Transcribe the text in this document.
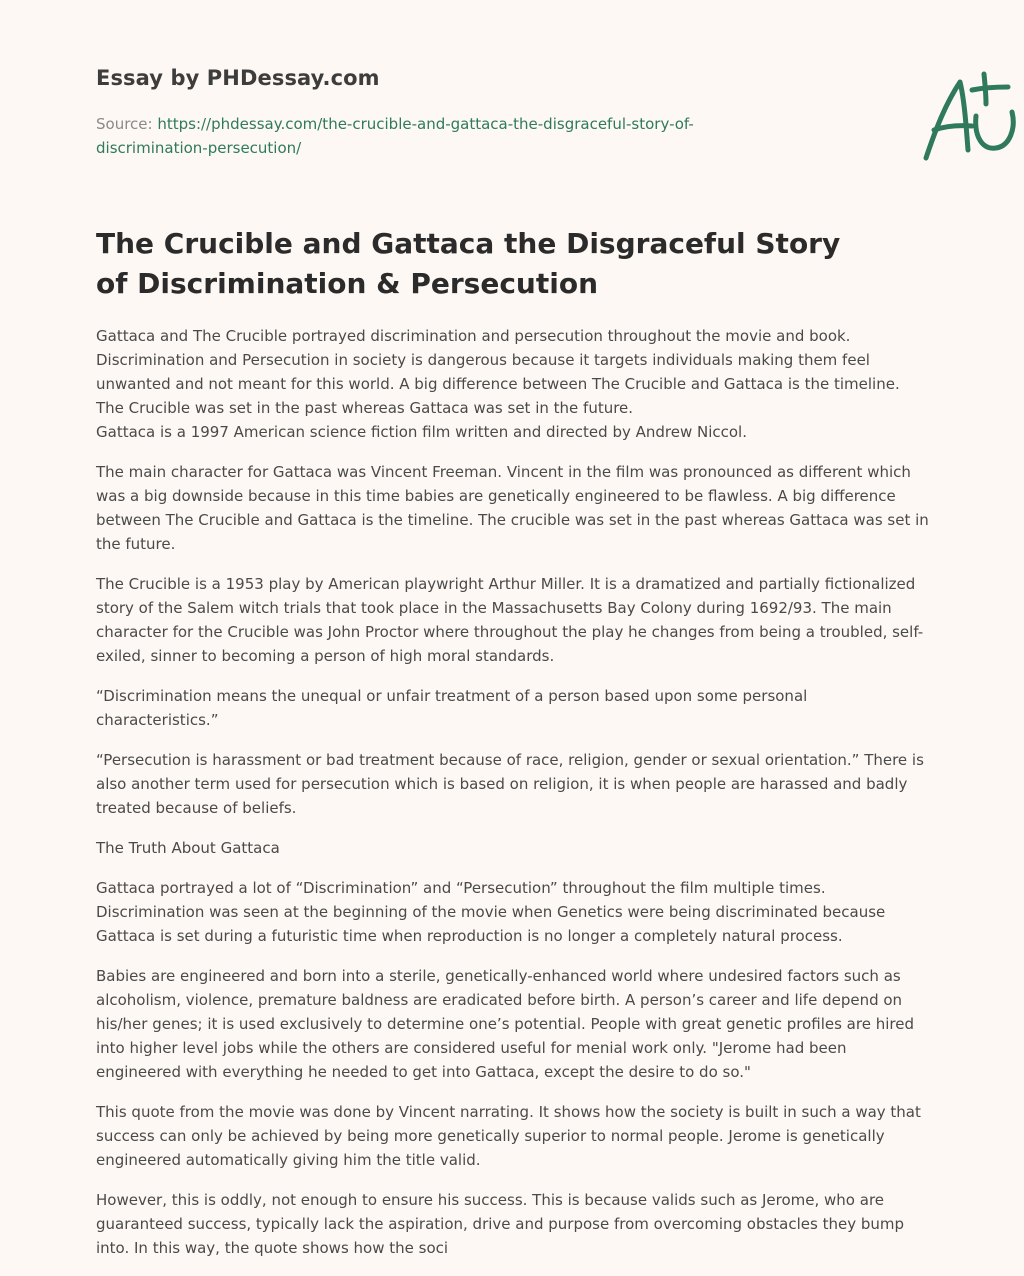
Essay by PHDessay.com
Source: https://phdessay.com/the-crucible-and-gattaca-the-disgraceful-story-of-discrimination-persecution/
The Crucible and Gattaca the Disgraceful Story of Discrimination & Persecution

Gattaca and The Crucible portrayed discrimination and persecution throughout the movie and book. Discrimination and Persecution in society is dangerous because it targets individuals making them feel unwanted and not meant for this world. A big difference between The Crucible and Gattaca is the timeline. The Crucible was set in the past whereas Gattaca was set in the future.

Gattaca is a 1997 American science fiction film written and directed by Andrew Niccol.

The main character for Gattaca was Vincent Freeman. Vincent in the film was pronounced as different which was a big downside because in this time babies are genetically engineered to be flawless. A big difference between The Crucible and Gattaca is the timeline. The crucible was set in the past whereas Gattaca was set in the future.

The Crucible is a 1953 play by American playwright Arthur Miller. It is a dramatized and partially fictionalized story of the Salem witch trials that took place in the Massachusetts Bay Colony during 1692/93. The main character for the Crucible was John Proctor where throughout the play he changes from being a troubled, self-exiled, sinner to becoming a person of high moral standards.

“Discrimination means the unequal or unfair treatment of a person based upon some personal characteristics.”

“Persecution is harassment or bad treatment because of race, religion, gender or sexual orientation.” There is also another term used for persecution which is based on religion, it is when people are harassed and badly treated because of beliefs.

The Truth About Gattaca

Gattaca portrayed a lot of “Discrimination” and “Persecution” throughout the film multiple times. Discrimination was seen at the beginning of the movie when Genetics were being discriminated because Gattaca is set during a futuristic time when reproduction is no longer a completely natural process.

Babies are engineered and born into a sterile, genetically-enhanced world where undesired factors such as alcoholism, violence, premature baldness are eradicated before birth. A person’s career and life depend on his/her genes; it is used exclusively to determine one’s potential. People with great genetic profiles are hired into higher level jobs while the others are considered useful for menial work only. "Jerome had been engineered with everything he needed to get into Gattaca, except the desire to do so."

This quote from the movie was done by Vincent narrating. It shows how the society is built in such a way that success can only be achieved by being more genetically superior to normal people. Jerome is genetically engineered automatically giving him the title valid.

However, this is oddly, not enough to ensure his success. This is because valids such as Jerome, who are guaranteed success, typically lack the aspiration, drive and purpose from overcoming obstacles they bump into. In this way, the quote shows how the soci
